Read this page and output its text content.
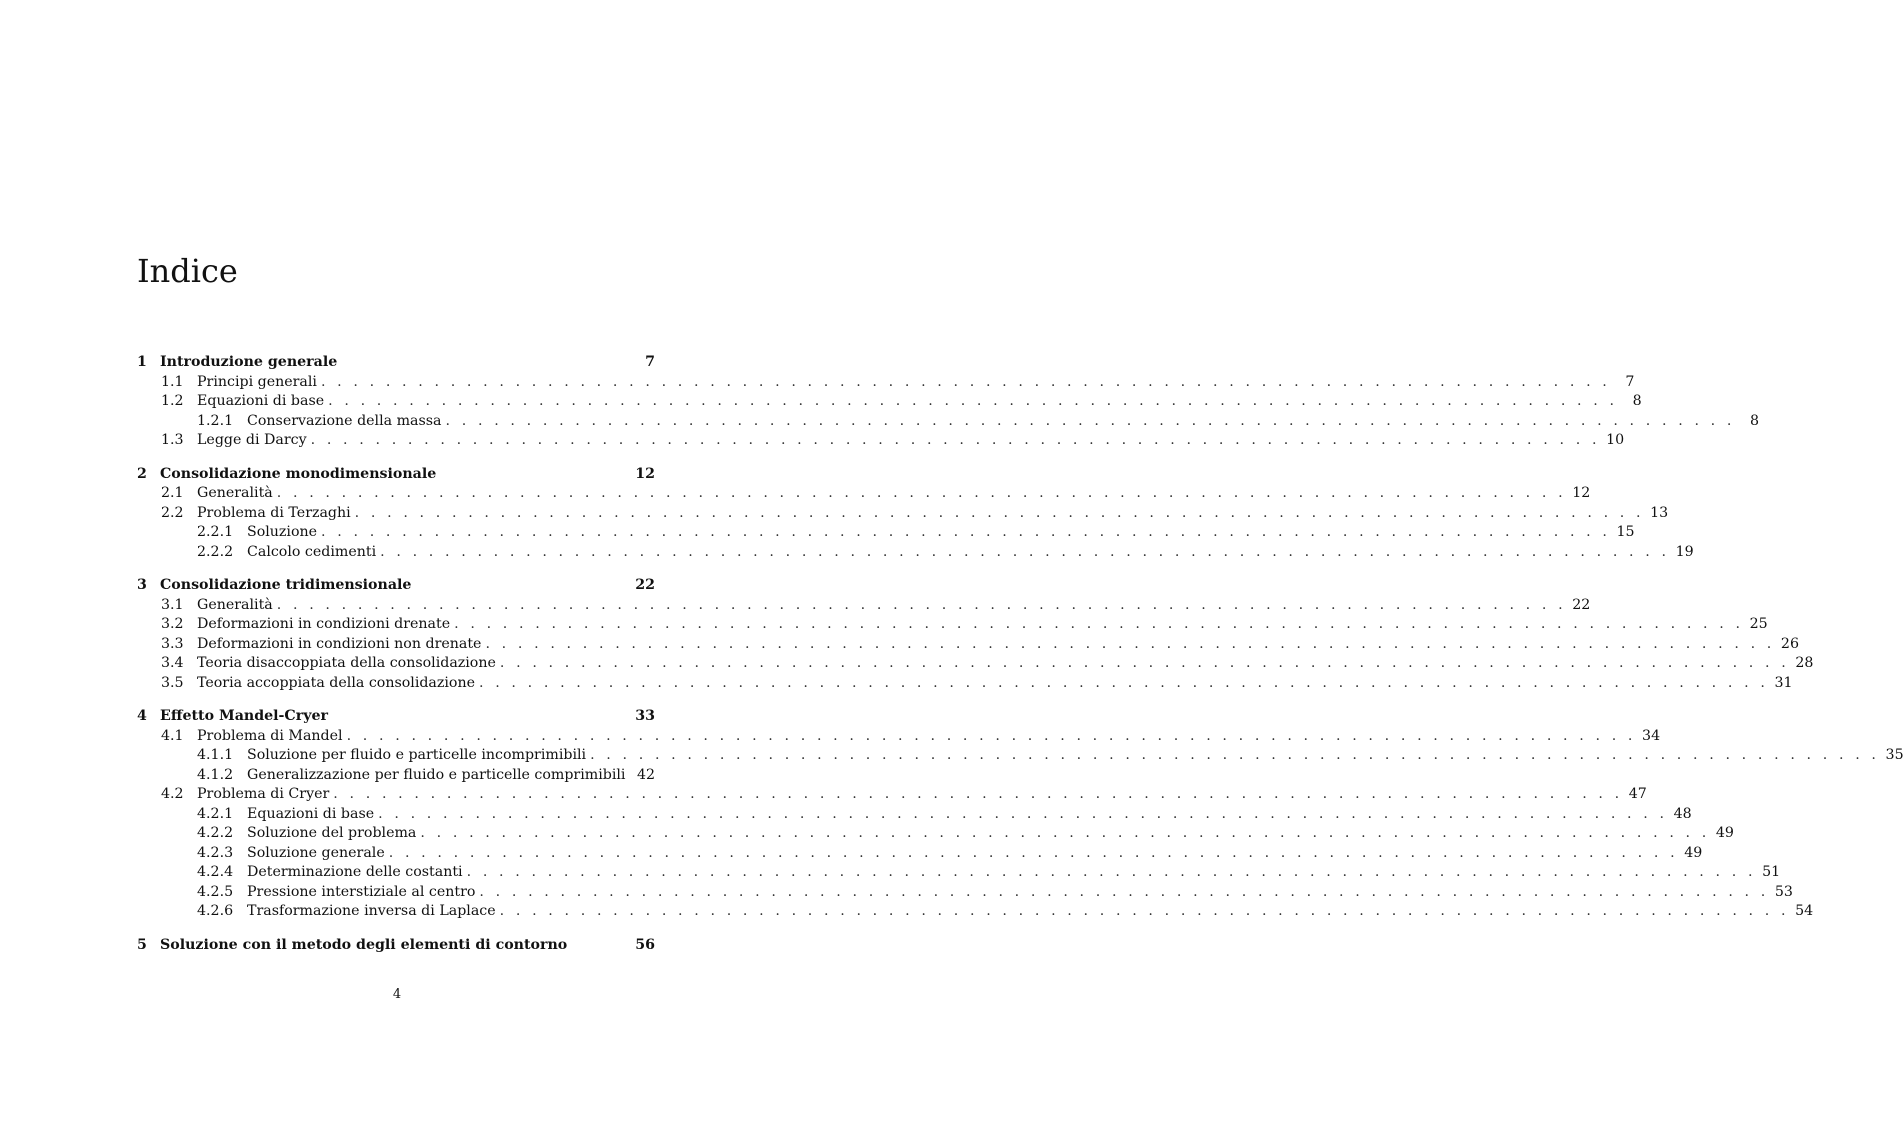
Indice
1 Introduzione generale	7
1.1 Principi generali . . . . . . . . . . . . . . . . . . . . . . . . . . . . . . . . . . . . . . . . . . . . . . . . . . . . . . . . . . . . . . . . . . . . . . . . . . . . . . . .	7
1.2 Equazioni di base . . . . . . . . . . . . . . . . . . . . . . . . . . . . . . . . . . . . . . . . . . . . . . . . . . . . . . . . . . . . . . . . . . . . . . . . . . . . . . . .	8
1.2.1 Conservazione della massa . . . . . . . . . . . . . . . . . . . . . . . . . . . . . . . . . . . . . . . . . . . . . . . . . . . . . . . . . . . . . . . . . . . . . . . . . . . . . . . .	8
1.3 Legge di Darcy . . . . . . . . . . . . . . . . . . . . . . . . . . . . . . . . . . . . . . . . . . . . . . . . . . . . . . . . . . . . . . . . . . . . . . . . . . . . . . . . 10
2 Consolidazione monodimensionale	12
2.1 Generalità . . . . . . . . . . . . . . . . . . . . . . . . . . . . . . . . . . . . . . . . . . . . . . . . . . . . . . . . . . . . . . . . . . . . . . . . . . . . . . . . 12
2.2 Problema di Terzaghi . . . . . . . . . . . . . . . . . . . . . . . . . . . . . . . . . . . . . . . . . . . . . . . . . . . . . . . . . . . . . . . . . . . . . . . . . . . . . . . . 13
2.2.1 Soluzione . . . . . . . . . . . . . . . . . . . . . . . . . . . . . . . . . . . . . . . . . . . . . . . . . . . . . . . . . . . . . . . . . . . . . . . . . . . . . . . . 15
2.2.2 Calcolo cedimenti . . . . . . . . . . . . . . . . . . . . . . . . . . . . . . . . . . . . . . . . . . . . . . . . . . . . . . . . . . . . . . . . . . . . . . . . . . . . . . . . 19
3 Consolidazione tridimensionale	22
3.1 Generalità . . . . . . . . . . . . . . . . . . . . . . . . . . . . . . . . . . . . . . . . . . . . . . . . . . . . . . . . . . . . . . . . . . . . . . . . . . . . . . . . 22
3.2 Deformazioni in condizioni drenate . . . . . . . . . . . . . . . . . . . . . . . . . . . . . . . . . . . . . . . . . . . . . . . . . . . . . . . . . . . . . . . . . . . . . . . . . . . . . . . . 25
3.3 Deformazioni in condizioni non drenate . . . . . . . . . . . . . . . . . . . . . . . . . . . . . . . . . . . . . . . . . . . . . . . . . . . . . . . . . . . . . . . . . . . . . . . . . . . . . . . . 26
3.4 Teoria disaccoppiata della consolidazione . . . . . . . . . . . . . . . . . . . . . . . . . . . . . . . . . . . . . . . . . . . . . . . . . . . . . . . . . . . . . . . . . . . . . . . . . . . . . . . . 28
3.5 Teoria accoppiata della consolidazione . . . . . . . . . . . . . . . . . . . . . . . . . . . . . . . . . . . . . . . . . . . . . . . . . . . . . . . . . . . . . . . . . . . . . . . . . . . . . . . . 31
4 Effetto Mandel-Cryer	33
4.1 Problema di Mandel . . . . . . . . . . . . . . . . . . . . . . . . . . . . . . . . . . . . . . . . . . . . . . . . . . . . . . . . . . . . . . . . . . . . . . . . . . . . . . . . 34
4.1.1 Soluzione per fluido e particelle incomprimibili . . . . . . . . . . . . . . . . . . . . . . . . . . . . . . . . . . . . . . . . . . . . . . . . . . . . . . . . . . . . . . . . . . . . . . . . . . . . . . . . 35
4.1.2 Generalizzazione per fluido e particelle comprimibili 42
4.2 Problema di Cryer . . . . . . . . . . . . . . . . . . . . . . . . . . . . . . . . . . . . . . . . . . . . . . . . . . . . . . . . . . . . . . . . . . . . . . . . . . . . . . . . 47
4.2.1 Equazioni di base . . . . . . . . . . . . . . . . . . . . . . . . . . . . . . . . . . . . . . . . . . . . . . . . . . . . . . . . . . . . . . . . . . . . . . . . . . . . . . . . 48
4.2.2 Soluzione del problema . . . . . . . . . . . . . . . . . . . . . . . . . . . . . . . . . . . . . . . . . . . . . . . . . . . . . . . . . . . . . . . . . . . . . . . . . . . . . . . . 49
4.2.3 Soluzione generale . . . . . . . . . . . . . . . . . . . . . . . . . . . . . . . . . . . . . . . . . . . . . . . . . . . . . . . . . . . . . . . . . . . . . . . . . . . . . . . . 49
4.2.4 Determinazione delle costanti . . . . . . . . . . . . . . . . . . . . . . . . . . . . . . . . . . . . . . . . . . . . . . . . . . . . . . . . . . . . . . . . . . . . . . . . . . . . . . . . 51
4.2.5 Pressione interstiziale al centro . . . . . . . . . . . . . . . . . . . . . . . . . . . . . . . . . . . . . . . . . . . . . . . . . . . . . . . . . . . . . . . . . . . . . . . . . . . . . . . . 53
4.2.6 Trasformazione inversa di Laplace . . . . . . . . . . . . . . . . . . . . . . . . . . . . . . . . . . . . . . . . . . . . . . . . . . . . . . . . . . . . . . . . . . . . . . . . . . . . . . . . 54
5 Soluzione con il metodo degli elementi di contorno	56
4
